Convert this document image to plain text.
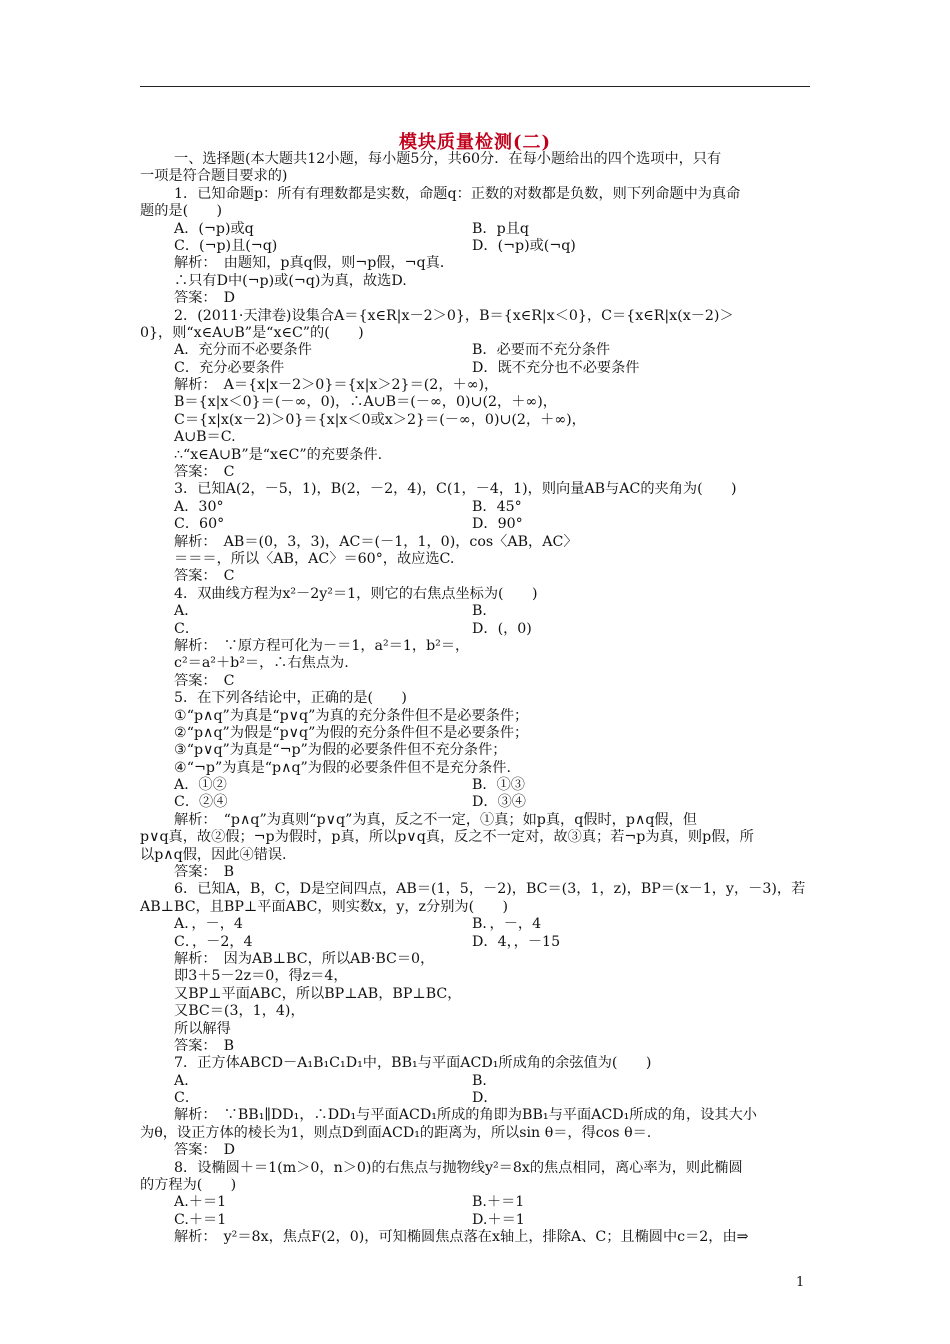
模块质量检测(二)
一、选择题(本大题共12小题，每小题5分，共60分．在每小题给出的四个选项中，只有
一项是符合题目要求的)
1．已知命题p：所有有理数都是实数，命题q：正数的对数都是负数，则下列命题中为真命
题的是(　　)
A．(¬p)或q	B．p且q
C．(¬p)且(¬q)	D．(¬p)或(¬q)
解析：　由题知，p真q假，则¬p假，¬q真．
∴只有D中(¬p)或(¬q)为真，故选D.
答案：　D
2．(2011·天津卷)设集合A＝{x∈R|x－2＞0}，B＝{x∈R|x＜0}，C＝{x∈R|x(x－2)＞
0}，则“x∈A∪B”是“x∈C”的(　　)
A．充分而不必要条件	B．必要而不充分条件
C．充分必要条件	D．既不充分也不必要条件
解析：　A＝{x|x－2＞0}＝{x|x＞2}＝(2，＋∞)，
B＝{x|x＜0}＝(－∞，0)，∴A∪B＝(－∞，0)∪(2，＋∞)，
C＝{x|x(x－2)＞0}＝{x|x＜0或x＞2}＝(－∞，0)∪(2，＋∞)，
A∪B＝C.
∴“x∈A∪B”是“x∈C”的充要条件.
答案：　C
3．已知A(2，－5，1)，B(2，－2，4)，C(1，－4，1)，则向量AB与AC的夹角为(　　)
A．30°	B．45°
C．60°	D．90°
解析：　AB＝(0，3，3)，AC＝(－1，1，0)，cos〈AB，AC〉
＝＝＝，所以〈AB，AC〉＝60°，故应选C.
答案：　C
4．双曲线方程为x²－2y²＝1，则它的右焦点坐标为(　　)
A．	B．
C．	D．(，0)
解析：　∵原方程可化为－＝1，a²＝1，b²＝，
c²＝a²＋b²＝，∴右焦点为.
答案：　C
5．在下列各结论中，正确的是(　　)
①“p∧q”为真是“p∨q”为真的充分条件但不是必要条件；
②“p∧q”为假是“p∨q”为假的充分条件但不是必要条件；
③“p∨q”为真是“¬p”为假的必要条件但不充分条件；
④“¬p”为真是“p∧q”为假的必要条件但不是充分条件.
A．①②	B．①③
C．②④	D．③④
解析：　“p∧q”为真则“p∨q”为真，反之不一定，①真；如p真，q假时，p∧q假，但
p∨q真，故②假；¬p为假时，p真，所以p∨q真，反之不一定对，故③真；若¬p为真，则p假，所
以p∧q假，因此④错误.
答案：　B
6．已知A，B，C，D是空间四点，AB＝(1，5，－2)，BC＝(3，1，z)，BP＝(x－1，y，－3)，若
AB⊥BC，且BP⊥平面ABC，则实数x，y，z分别为(　　)
A．，－，4	B．，－，4
C．，－2，4	D．4，，－15
解析：　因为AB⊥BC，所以AB·BC＝0，
即3＋5－2z＝0，得z＝4，
又BP⊥平面ABC，所以BP⊥AB，BP⊥BC，
又BC＝(3，1，4)，
所以解得
答案：　B
7．正方体ABCD－A₁B₁C₁D₁中，BB₁与平面ACD₁所成角的余弦值为(　　)
A．	B．
C．	D．
解析：　∵BB₁∥DD₁，∴DD₁与平面ACD₁所成的角即为BB₁与平面ACD₁所成的角，设其大小
为θ，设正方体的棱长为1，则点D到面ACD₁的距离为，所以sin θ＝，得cos θ＝.
答案：　D
8．设椭圆＋＝1(m＞0，n＞0)的右焦点与抛物线y²＝8x的焦点相同，离心率为，则此椭圆
的方程为(　　)
A.＋＝1	B.＋＝1
C.＋＝1	D.＋＝1
解析：　y²＝8x，焦点F(2，0)，可知椭圆焦点落在x轴上，排除A、C；且椭圆中c＝2，由⇒
1
